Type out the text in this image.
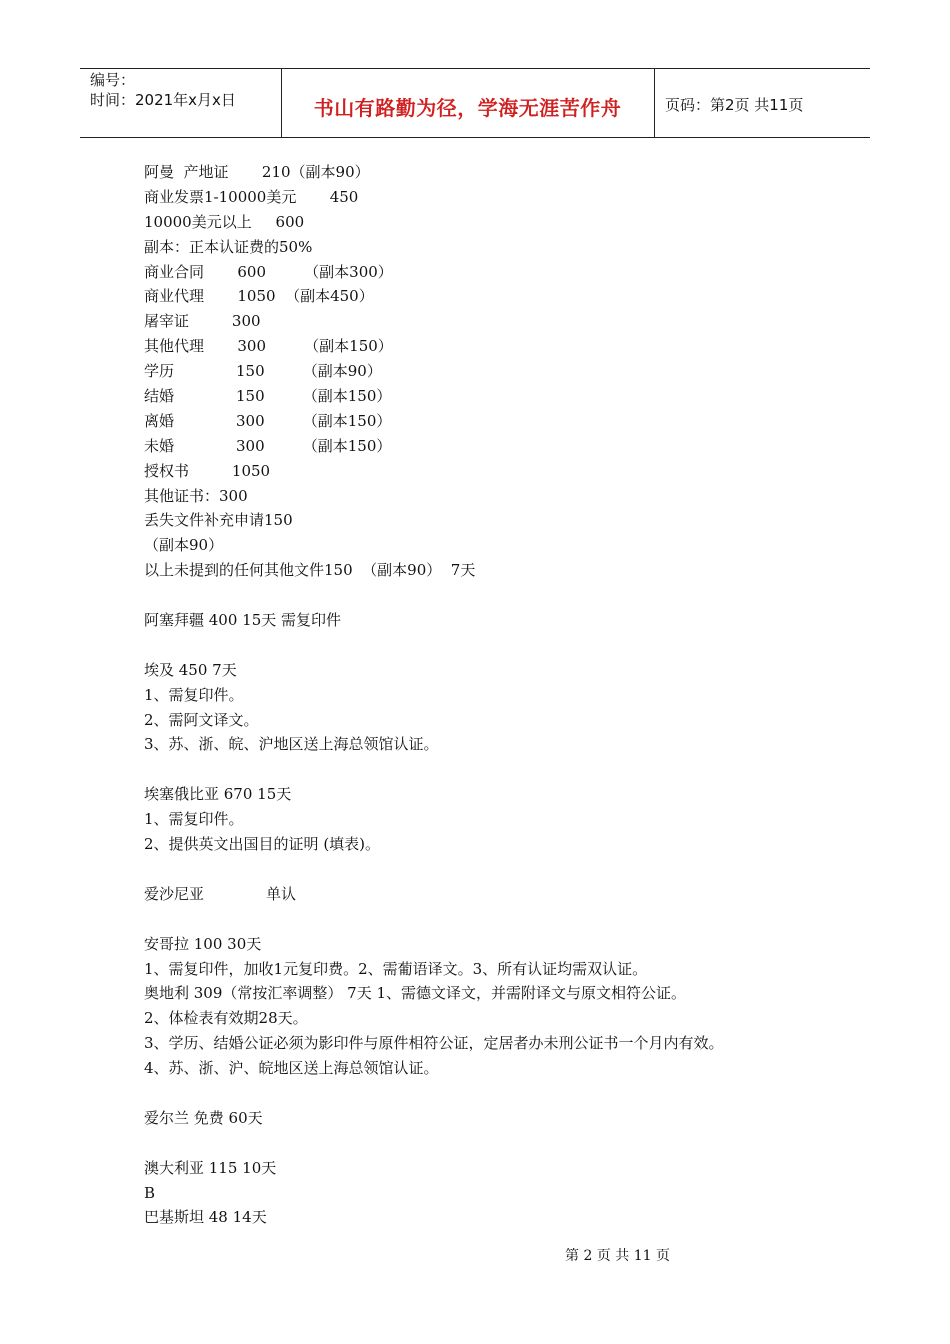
编号：
时间：2021年x月x日	书山有路勤为径，学海无涯苦作舟	页码：第2页 共11页
阿曼  产地证       210（副本90）
商业发票1-10000美元       450
10000美元以上     600
副本：正本认证费的50%
商业合同       600        （副本300）
商业代理       1050  （副本450）
屠宰证         300
其他代理       300        （副本150）
学历             150        （副本90）
结婚             150        （副本150）
离婚             300        （副本150）
未婚             300        （副本150）
授权书         1050
其他证书：300
丢失文件补充申请150
（副本90）
以上未提到的任何其他文件150  （副本90）  7天
阿塞拜疆 400 15天 需复印件
埃及 450 7天
1、需复印件。
2、需阿文译文。
3、苏、浙、皖、沪地区送上海总领馆认证。
埃塞俄比亚 670 15天
1、需复印件。
2、提供英文出国目的证明 (填表)。
爱沙尼亚             单认
安哥拉 100 30天
1、需复印件，加收1元复印费。2、需葡语译文。3、所有认证均需双认证。
奥地利 309（常按汇率调整） 7天 1、需德文译文，并需附译文与原文相符公证。
2、体检表有效期28天。
3、学历、结婚公证必须为影印件与原件相符公证，定居者办未刑公证书一个月内有效。
4、苏、浙、沪、皖地区送上海总领馆认证。
爱尔兰 免费 60天
澳大利亚 115 10天
B
巴基斯坦 48 14天
第 2 页 共 11 页
